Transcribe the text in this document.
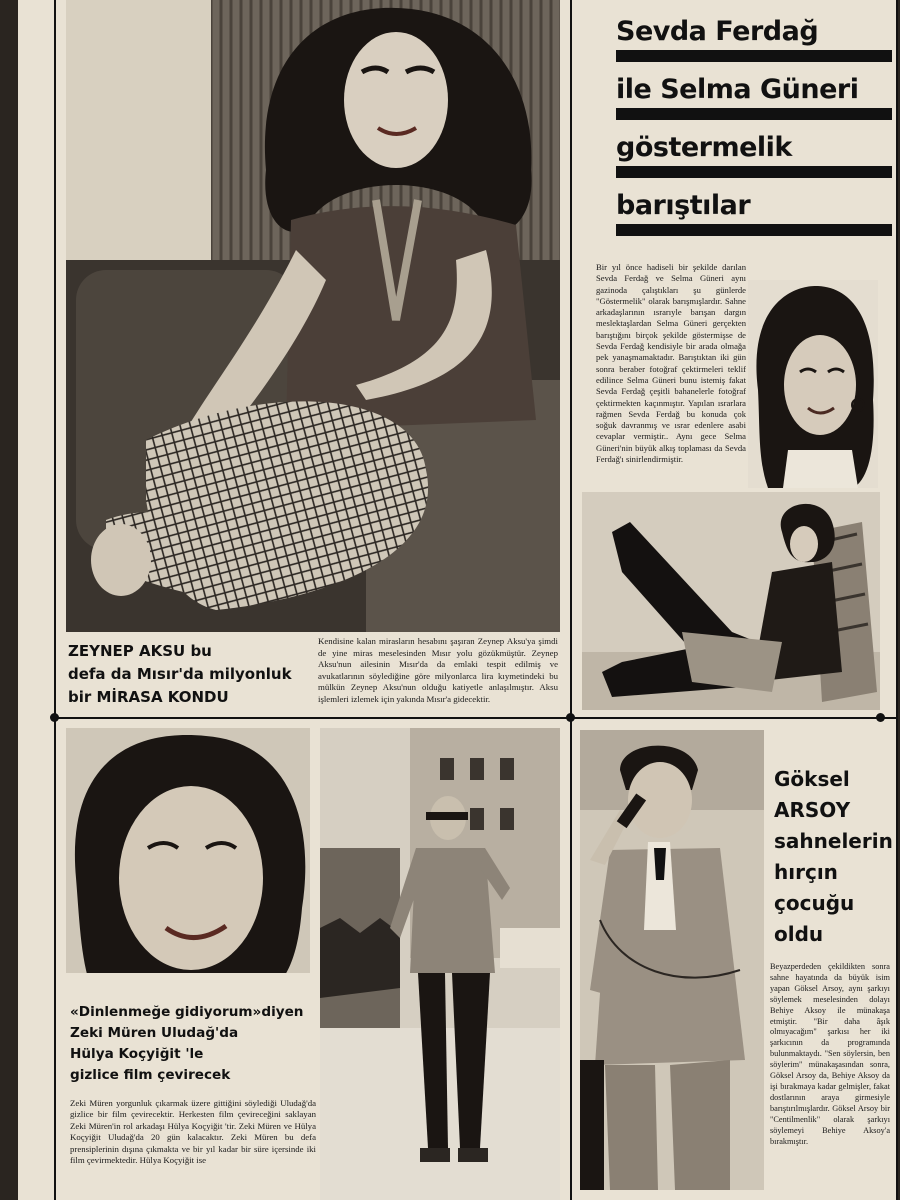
Sevda Ferdağ
ile Selma Güneri
göstermelik
barıştılar

Bir yıl önce hadiseli bir şekilde darılan Sevda Ferdağ ve Selma Güneri aynı gazinoda çalıştıkları şu günlerde "Göstermelik" olarak barışmışlardır. Sahne arkadaşlarının ısrarıyle barışan dargın meslektaşlardan Selma Güneri gerçekten barıştığını birçok şekilde göstermişse de Sevda Ferdağ kendisiyle bir arada olmağa pek yanaşmamaktadır. Barıştıktan iki gün sonra beraber fotoğraf çektirmeleri teklif edilince Selma Güneri bunu istemiş fakat Sevda Ferdağ çeşitli bahanelerle fotoğraf çektirmekten kaçınmıştır. Yapılan ısrarlara rağmen Sevda Ferdağ bu konuda çok soğuk davranmış ve ısrar edenlere asabi cevaplar vermiştir.. Aynı gece Selma Güneri'nin büyük alkış toplaması da Sevda Ferdağ'ı sinirlendirmiştir.

ZEYNEP AKSU bu
defa da Mısır'da milyonluk
bir MİRASA KONDU

Kendisine kalan mirasların hesabını şaşıran Zeynep Aksu'ya şimdi de yine miras meselesinden Mısır yolu gözükmüştür. Zeynep Aksu'nun ailesinin Mısır'da da emlaki tespit edilmiş ve avukatlarının söylediğine göre milyonlarca lira kıymetindeki bu mülkün Zeynep Aksu'nun olduğu katiyetle anlaşılmıştır. Aksu işlemleri izlemek için yakında Mısır'a gidecektir.

«Dinlenmeğe gidiyorum»diyen
Zeki Müren Uludağ'da
Hülya Koçyiğit 'le
gizlice film çevirecek

Zeki Müren yorgunluk çıkarmak üzere gittiğini söylediği Uludağ'da gizlice bir film çevirecektir. Herkesten film çevireceğini saklayan Zeki Müren'in rol arkadaşı Hülya Koçyiğit 'tir. Zeki Müren ve Hülya Koçyiğit Uludağ'da 20 gün kalacaktır. Zeki Müren bu defa prensiplerinin dışına çıkmakta ve bir yıl kadar bir süre içersinde iki film çevirmektedir. Hülya Koçyiğit ise

Göksel
ARSOY
sahnelerin
hırçın
çocuğu
oldu

Beyazperdeden çekildikten sonra sahne hayatında da büyük isim yapan Göksel Arsoy, aynı şarkıyı söylemek meselesinden dolayı Behiye Aksoy ile münakaşa etmiştir. "Bir daha âşık olmıyacağım" şarkısı her iki şarkıcının da programında bulunmaktaydı. "Sen söylersin, ben söylerim" münakaşasından sonra, Göksel Arsoy da, Behiye Aksoy da işi bırakmaya kadar gelmişler, fakat dostlarının araya girmesiyle barıştırılmışlardır. Göksel Arsoy bir "Centilmenlik" olarak şarkıyı söylemeyi Behiye Aksoy'a bırakmıştır.
